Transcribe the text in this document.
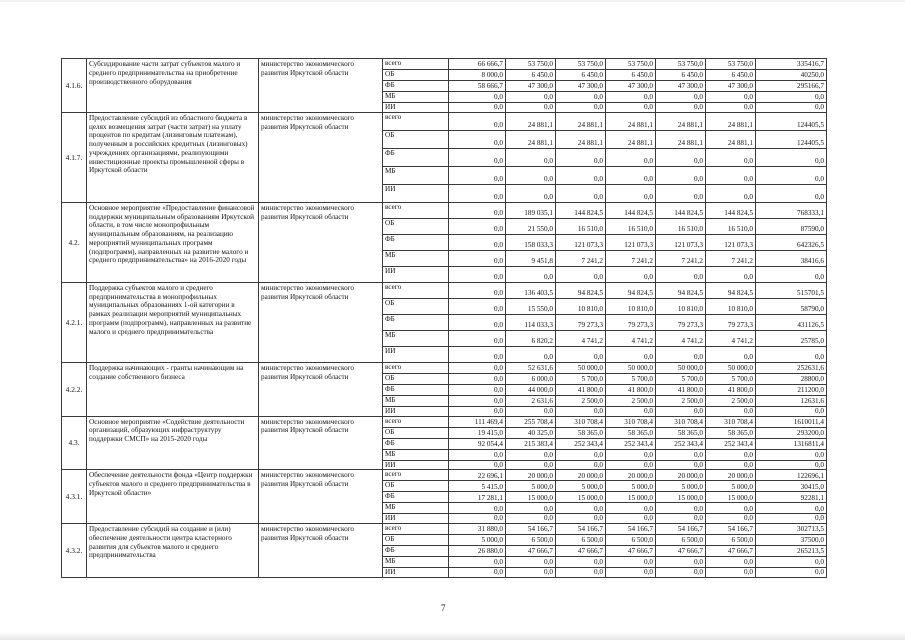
4.1.6.	Субсидирование части затрат субъектов малого и среднего предпринимательства на приобретение производственного оборудования	министерство экономического развития Иркутской области	всего	66 666,7	53 750,0	53 750,0	53 750,0	53 750,0	53 750,0	335416,7
			ОБ	8 000,0	6 450,0	6 450,0	6 450,0	6 450,0	6 450,0	40250,0
			ФБ	58 666,7	47 300,0	47 300,0	47 300,0	47 300,0	47 300,0	295166,7
			МБ	0,0	0,0	0,0	0,0	0,0	0,0	0,0
			ИИ	0,0	0,0	0,0	0,0	0,0	0,0	0,0
4.1.7.	Предоставление субсидий из областного бюджета в целях возмещения затрат (части затрат) на уплату процентов по кредитам (лизинговым платежам), полученным в российских кредитных (лизинговых) учреждениях организациями, реализующими инвестиционные проекты промышленной сферы в Иркутской области	министерство экономического развития Иркутской области	всего	0,0	24 881,1	24 881,1	24 881,1	24 881,1	24 881,1	124405,5
			ОБ	0,0	24 881,1	24 881,1	24 881,1	24 881,1	24 881,1	124405,5
			ФБ	0,0	0,0	0,0	0,0	0,0	0,0	0,0
			МБ	0,0	0,0	0,0	0,0	0,0	0,0	0,0
			ИИ	0,0	0,0	0,0	0,0	0,0	0,0	0,0
4.2.	Основное мероприятие «Предоставление финансовой поддержки муниципальным образованиям Иркутской области, в том числе монопрофильным муниципальным образованиям, на реализацию мероприятий муниципальных программ (подпрограмм), направленных на развитие малого и среднего предпринимательства» на 2016-2020 годы	министерство экономического развития Иркутской области	всего	0,0	189 035,1	144 824,5	144 824,5	144 824,5	144 824,5	768333,1
			ОБ	0,0	21 550,0	16 510,0	16 510,0	16 510,0	16 510,0	87590,0
			ФБ	0,0	158 033,3	121 073,3	121 073,3	121 073,3	121 073,3	642326,5
			МБ	0,0	9 451,8	7 241,2	7 241,2	7 241,2	7 241,2	38416,6
			ИИ	0,0	0,0	0,0	0,0	0,0	0,0	0,0
4.2.1.	Поддержка субъектов малого и среднего предпринимательства в монопрофильных муниципальных образованиях 1-ой категории в рамках реализации мероприятий муниципальных программ (подпрограмм), направленных на развитие малого и среднего предпринимательства	министерство экономического развития Иркутской области	всего	0,0	136 403,5	94 824,5	94 824,5	94 824,5	94 824,5	515701,5
			ОБ	0,0	15 550,0	10 810,0	10 810,0	10 810,0	10 810,0	58790,0
			ФБ	0,0	114 033,3	79 273,3	79 273,3	79 273,3	79 273,3	431126,5
			МБ	0,0	6 820,2	4 741,2	4 741,2	4 741,2	4 741,2	25785,0
			ИИ	0,0	0,0	0,0	0,0	0,0	0,0	0,0
4.2.2.	Поддержка начинающих - гранты начинающим на создание собственного бизнеса	министерство экономического развития Иркутской области	всего	0,0	52 631,6	50 000,0	50 000,0	50 000,0	50 000,0	252631,6
			ОБ	0,0	6 000,0	5 700,0	5 700,0	5 700,0	5 700,0	28800,0
			ФБ	0,0	44 000,0	41 800,0	41 800,0	41 800,0	41 800,0	211200,0
			МБ	0,0	2 631,6	2 500,0	2 500,0	2 500,0	2 500,0	12631,6
			ИИ	0,0	0,0	0,0	0,0	0,0	0,0	0,0
4.3.	Основное мероприятие «Содействие деятельности организаций, образующих инфраструктуру поддержки СМСП» на 2015-2020 годы	министерство экономического развития Иркутской области	всего	111 469,4	255 708,4	310 708,4	310 708,4	310 708,4	310 708,4	1610011,4
			ОБ	19 415,0	40 325,0	58 365,0	58 365,0	58 365,0	58 365,0	293200,0
			ФБ	92 054,4	215 383,4	252 343,4	252 343,4	252 343,4	252 343,4	1316811,4
			МБ	0,0	0,0	0,0	0,0	0,0	0,0	0,0
			ИИ	0,0	0,0	0,0	0,0	0,0	0,0	0,0
4.3.1.	Обеспечение деятельности фонда «Центр поддержки субъектов малого и среднего предпринимательства в Иркутской области»	министерство экономического развития Иркутской области	всего	22 696,1	20 000,0	20 000,0	20 000,0	20 000,0	20 000,0	122696,1
			ОБ	5 415,0	5 000,0	5 000,0	5 000,0	5 000,0	5 000,0	30415,0
			ФБ	17 281,1	15 000,0	15 000,0	15 000,0	15 000,0	15 000,0	92281,1
			МБ	0,0	0,0	0,0	0,0	0,0	0,0	0,0
			ИИ	0,0	0,0	0,0	0,0	0,0	0,0	0,0
4.3.2.	Предоставление субсидий на создание и (или) обеспечение деятельности центра кластерного развития для субъектов малого и среднего предпринимательства	министерство экономического развития Иркутской области	всего	31 880,0	54 166,7	54 166,7	54 166,7	54 166,7	54 166,7	302713,5
			ОБ	5 000,0	6 500,0	6 500,0	6 500,0	6 500,0	6 500,0	37500,0
			ФБ	26 880,0	47 666,7	47 666,7	47 666,7	47 666,7	47 666,7	265213,5
			МБ	0,0	0,0	0,0	0,0	0,0	0,0	0,0
			ИИ	0,0	0,0	0,0	0,0	0,0	0,0	0,0
7
